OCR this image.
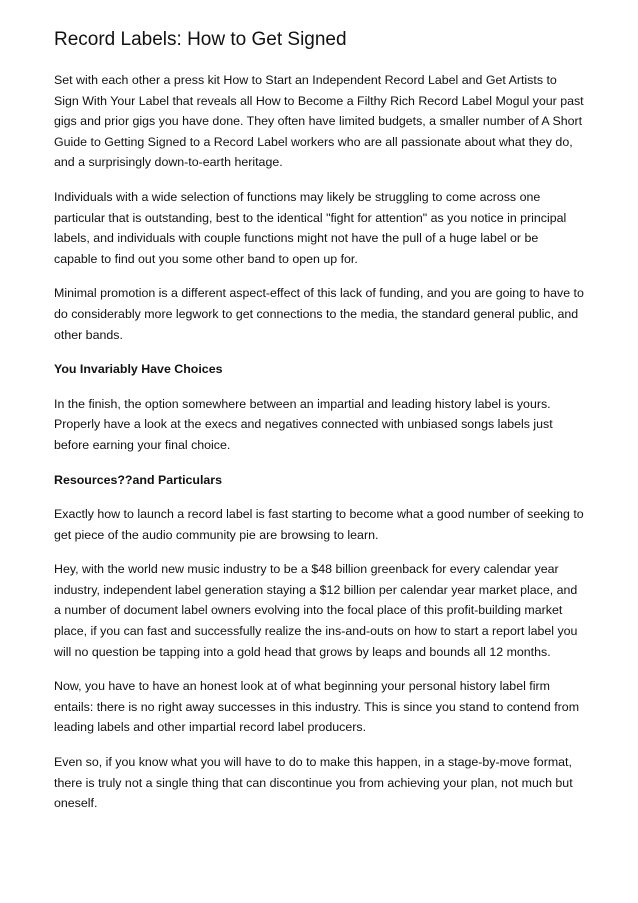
Record Labels: How to Get Signed

Set with each other a press kit How to Start an Independent Record Label and Get Artists to Sign With Your Label that reveals all How to Become a Filthy Rich Record Label Mogul your past gigs and prior gigs you have done. They often have limited budgets, a smaller number of A Short Guide to Getting Signed to a Record Label workers who are all passionate about what they do, and a surprisingly down-to-earth heritage.

Individuals with a wide selection of functions may likely be struggling to come across one particular that is outstanding, best to the identical "fight for attention" as you notice in principal labels, and individuals with couple functions might not have the pull of a huge label or be capable to find out you some other band to open up for.

Minimal promotion is a different aspect-effect of this lack of funding, and you are going to have to do considerably more legwork to get connections to the media, the standard general public, and other bands.

You Invariably Have Choices

In the finish, the option somewhere between an impartial and leading history label is yours. Properly have a look at the execs and negatives connected with unbiased songs labels just before earning your final choice.

Resources??and Particulars

Exactly how to launch a record label is fast starting to become what a good number of seeking to get piece of the audio community pie are browsing to learn.

Hey, with the world new music industry to be a $48 billion greenback for every calendar year industry, independent label generation staying a $12 billion per calendar year market place, and a number of document label owners evolving into the focal place of this profit-building market place, if you can fast and successfully realize the ins-and-outs on how to start a report label you will no question be tapping into a gold head that grows by leaps and bounds all 12 months.

Now, you have to have an honest look at of what beginning your personal history label firm entails: there is no right away successes in this industry. This is since you stand to contend from leading labels and other impartial record label producers.

Even so, if you know what you will have to do to make this happen, in a stage-by-move format, there is truly not a single thing that can discontinue you from achieving your plan, not much but oneself.
